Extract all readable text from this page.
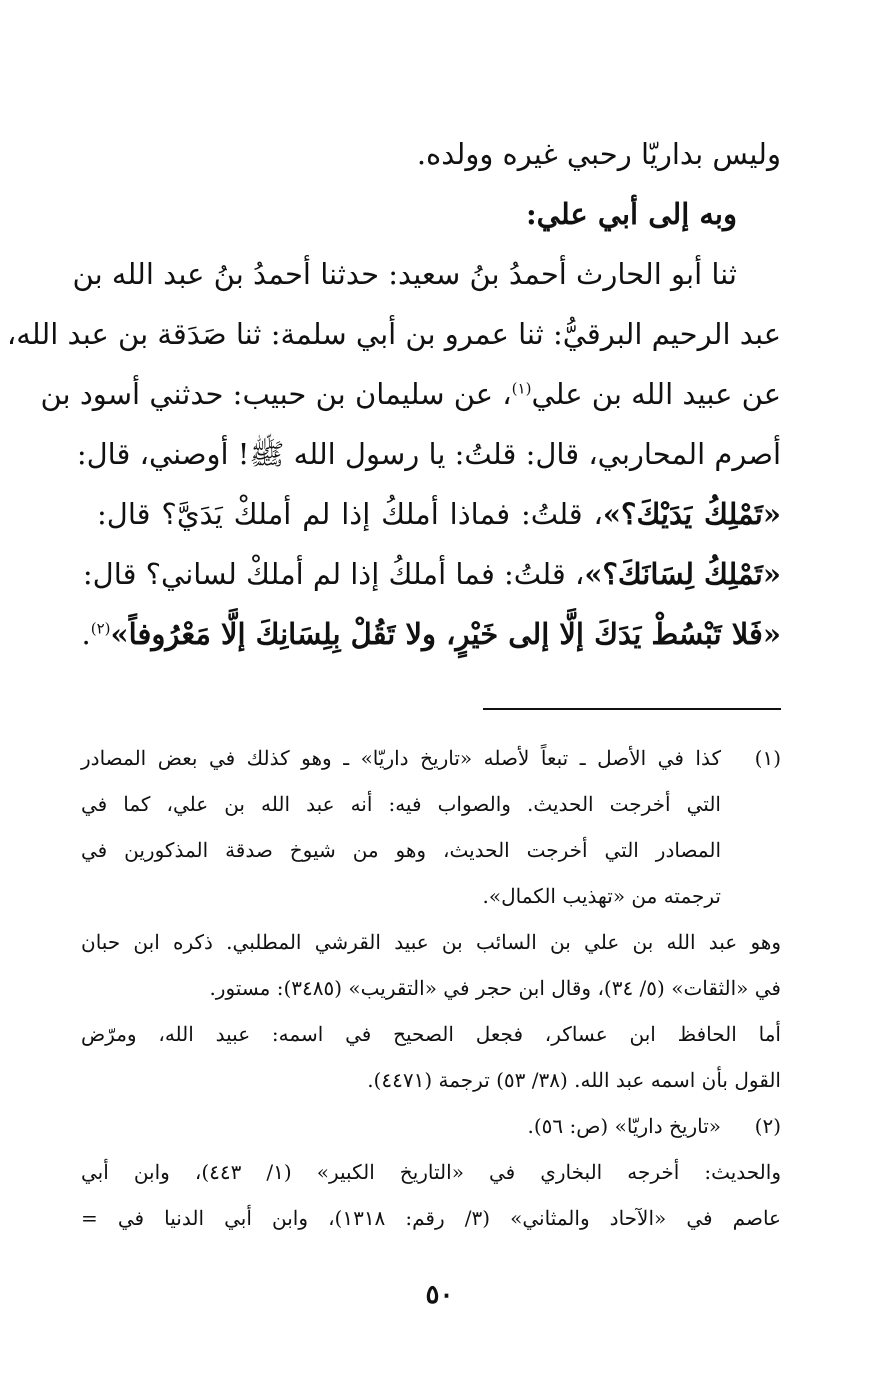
وليس بداريّا رحبي غيره وولده.
وبه إلى أبي علي:
ثنا أبو الحارث أحمدُ بنُ سعيد: حدثنا أحمدُ بنُ عبد الله بن
عبد الرحيم البرقيُّ: ثنا عمرو بن أبي سلمة: ثنا صَدَقة بن عبد الله،
عن عبيد الله بن علي$^{(١)}$، عن سليمان بن حبيب: حدثني أسود بن
أصرم المحاربي، قال: قلتُ: يا رسول الله ﷺ! أوصني، قال:
«تَمْلِكُ يَدَيْكَ؟»، قلتُ: فماذا أملكُ إذا لم أملكْ يَدَيَّ؟ قال:
«تَمْلِكُ لِسَانَكَ؟»، قلتُ: فما أملكُ إذا لم أملكْ لساني؟ قال:
«فَلا تَبْسُطْ يَدَكَ إلَّا إلى خَيْرٍ، ولا تَقُلْ بِلِسَانِكَ إلَّا مَعْرُوفاً»$^{(٢)}$.
(١)
كذا في الأصل ـ تبعاً لأصله «تاريخ داريّا» ـ وهو كذلك في بعض المصادر
التي أخرجت الحديث. والصواب فيه: أنه عبد الله بن علي، كما في
المصادر التي أخرجت الحديث، وهو من شيوخ صدقة المذكورين في
ترجمته من «تهذيب الكمال».
وهو عبد الله بن علي بن السائب بن عبيد القرشي المطلبي. ذكره ابن حبان
في «الثقات» (٥/ ٣٤)، وقال ابن حجر في «التقريب» (٣٤٨٥): مستور.
أما الحافظ ابن عساكر، فجعل الصحيح في اسمه: عبيد الله، ومرّض
القول بأن اسمه عبد الله. (٣٨/ ٥٣) ترجمة (٤٤٧١).
(٢)
«تاريخ داريّا» (ص: ٥٦).
والحديث: أخرجه البخاري في «التاريخ الكبير» (١/ ٤٤٣)، وابن أبي
عاصم في «الآحاد والمثاني» (٣/ رقم: ١٣١٨)، وابن أبي الدنيا في =
٥٠
